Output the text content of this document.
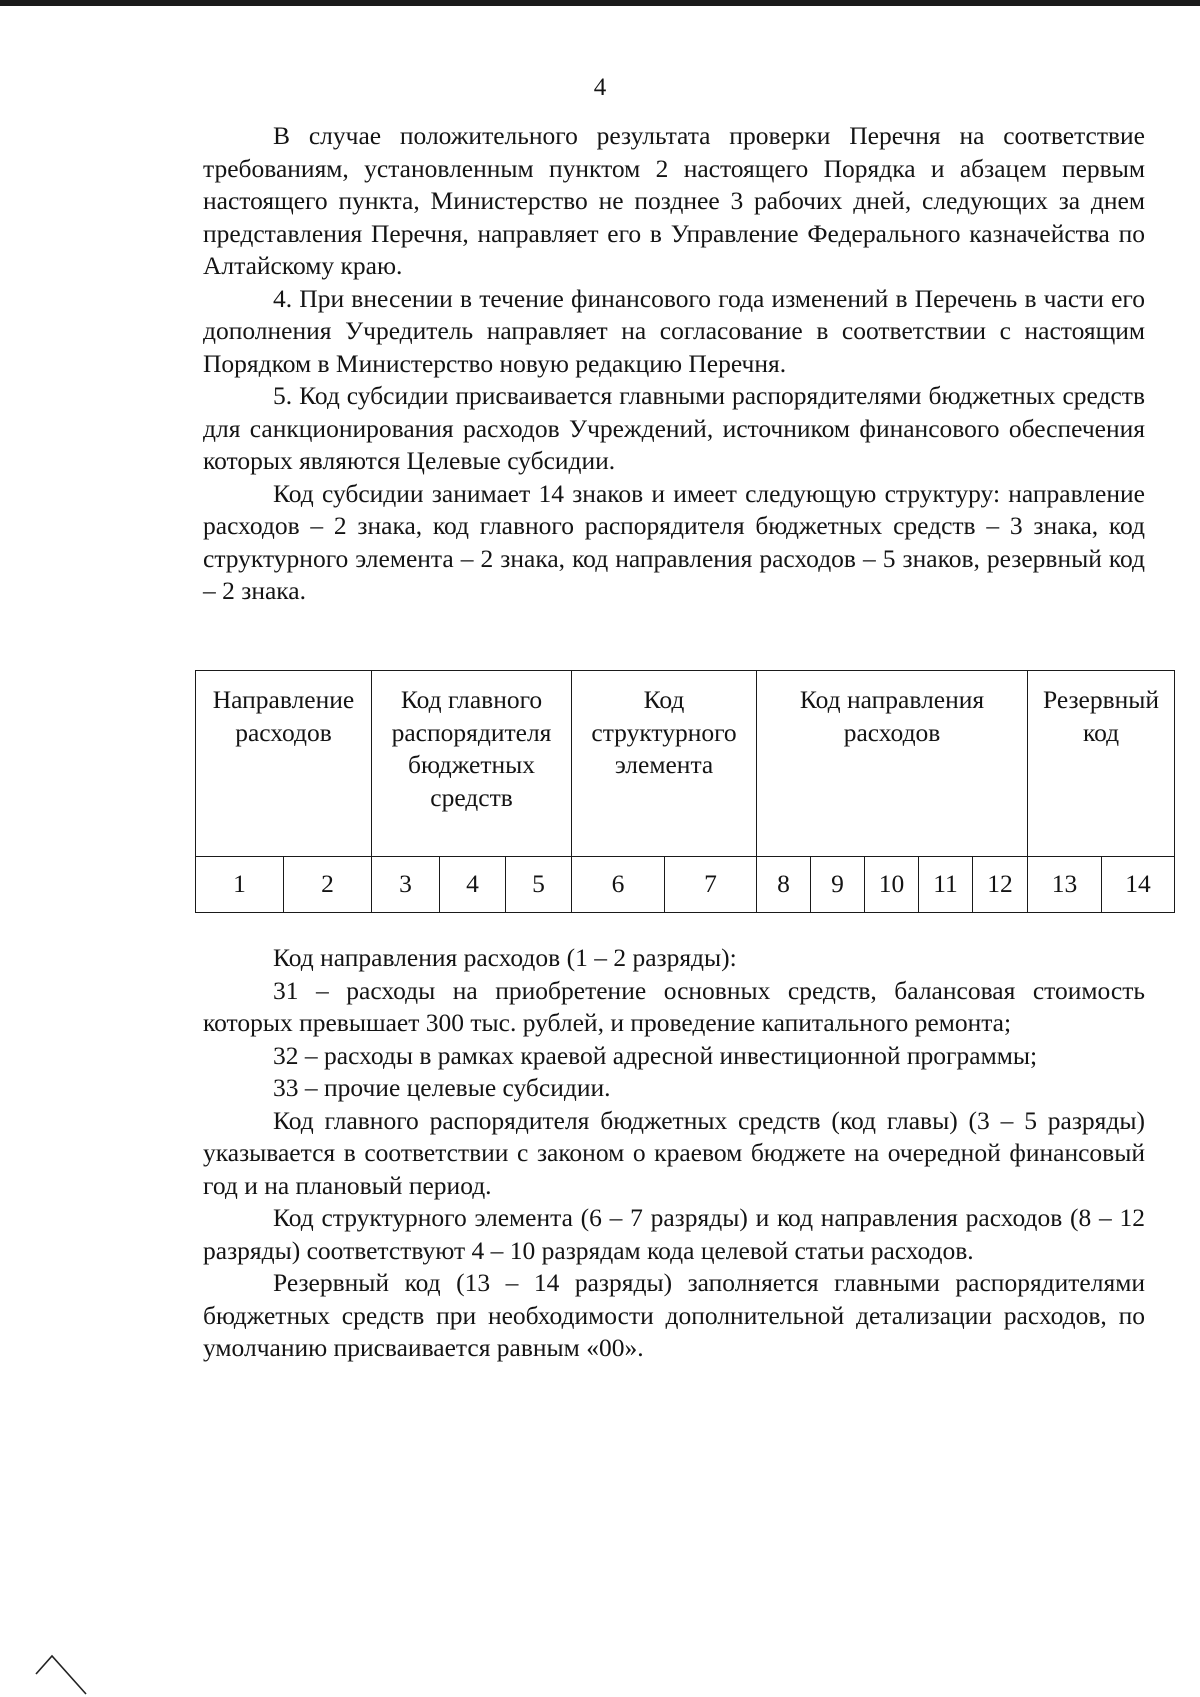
4

В случае положительного результата проверки Перечня на соответствие требованиям, установленным пунктом 2 настоящего Порядка и абзацем первым настоящего пункта, Министерство не позднее 3 рабочих дней, следующих за днем представления Перечня, направляет его в Управление Федерального казначейства по Алтайскому краю.

4. При внесении в течение финансового года изменений в Перечень в части его дополнения Учредитель направляет на согласование в соответствии с настоящим Порядком в Министерство новую редакцию Перечня.

5. Код субсидии присваивается главными распорядителями бюджетных средств для санкционирования расходов Учреждений, источником финансового обеспечения которых являются Целевые субсидии.

Код субсидии занимает 14 знаков и имеет следующую структуру: направление расходов – 2 знака, код главного распорядителя бюджетных средств – 3 знака, код структурного элемента – 2 знака, код направления расходов – 5 знаков, резервный код – 2 знака.

Направление расходов		Код главного распорядителя бюджетных средств			Код структурного элемента		Код направления расходов					Резервный код	
1	2	3	4	5	6	7	8	9	10	11	12	13	14

Код направления расходов (1 – 2 разряды):

31 – расходы на приобретение основных средств, балансовая стоимость которых превышает 300 тыс. рублей, и проведение капитального ремонта;

32 – расходы в рамках краевой адресной инвестиционной программы;

33 – прочие целевые субсидии.

Код главного распорядителя бюджетных средств (код главы) (3 – 5 разряды) указывается в соответствии с законом о краевом бюджете на очередной финансовый год и на плановый период.

Код структурного элемента (6 – 7 разряды) и код направления расходов (8 – 12 разряды) соответствуют 4 – 10 разрядам кода целевой статьи расходов.

Резервный код (13 – 14 разряды) заполняется главными распорядителями бюджетных средств при необходимости дополнительной детализации расходов, по умолчанию присваивается равным «00».
